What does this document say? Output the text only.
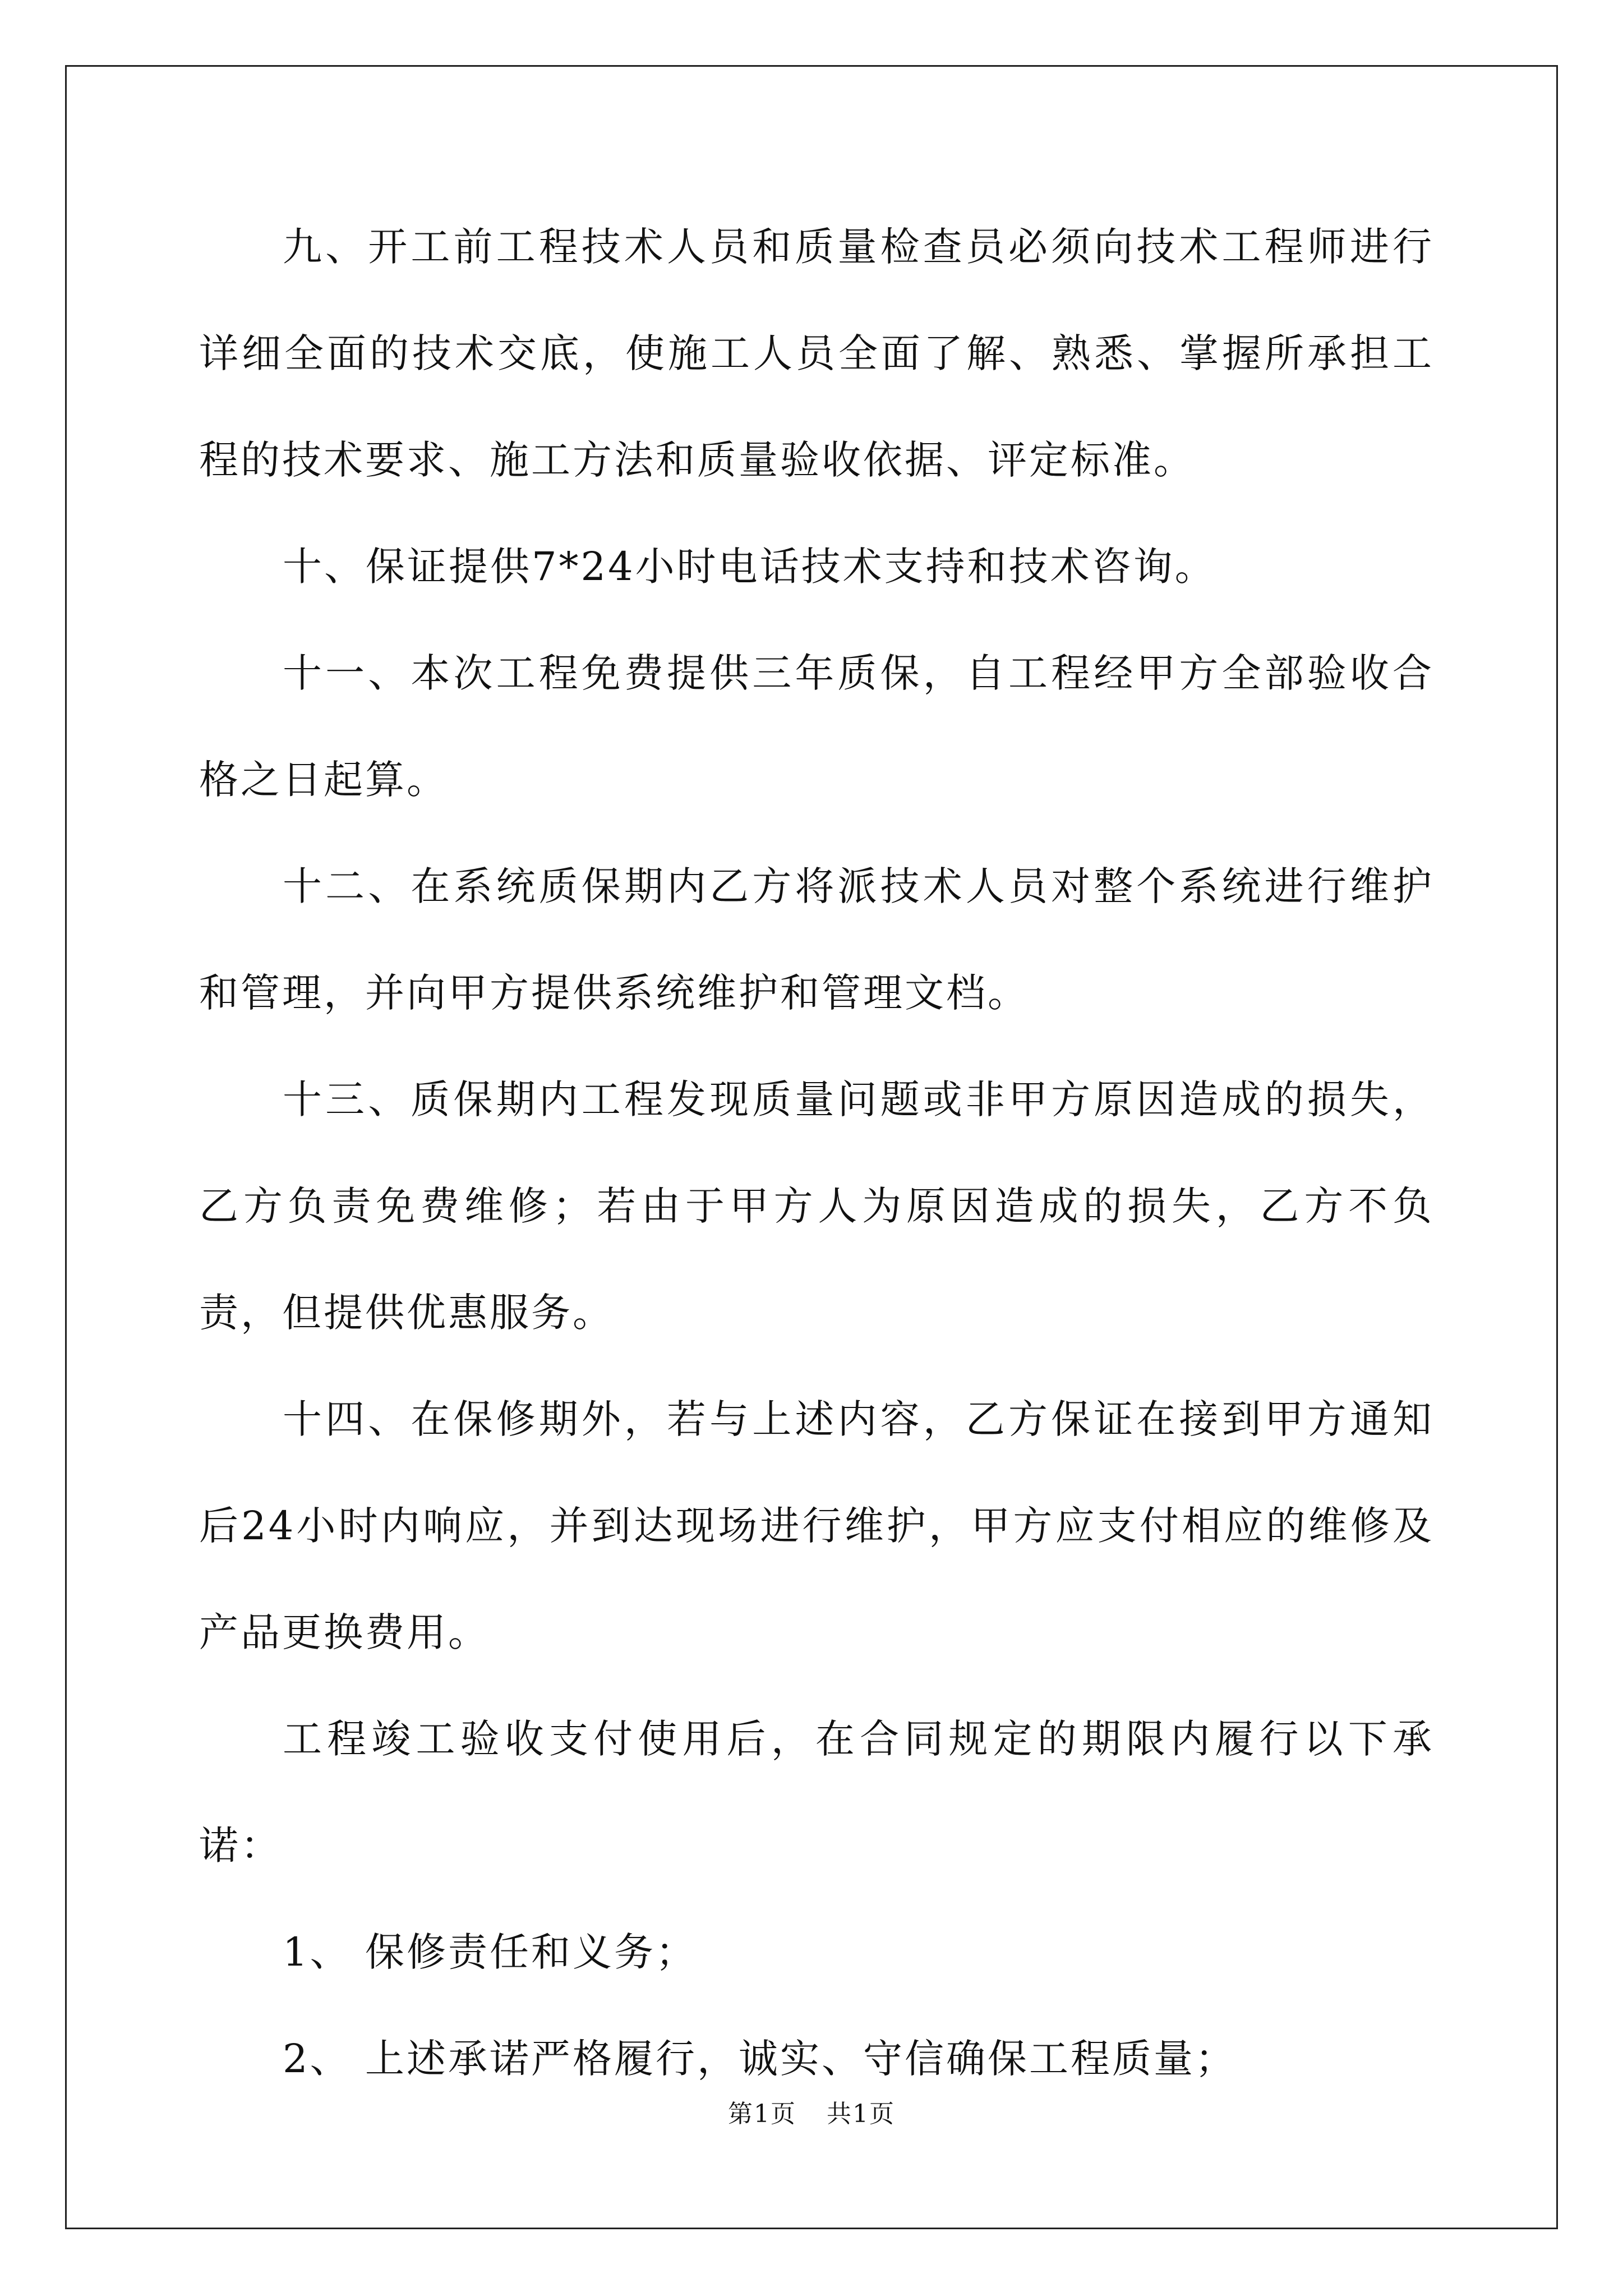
九、开工前工程技术人员和质量检查员必须向技术工程师进行详细全面的技术交底，使施工人员全面了解、熟悉、掌握所承担工程的技术要求、施工方法和质量验收依据、评定标准。

十、保证提供7*24小时电话技术支持和技术咨询。

十一、本次工程免费提供三年质保，自工程经甲方全部验收合格之日起算。

十二、在系统质保期内乙方将派技术人员对整个系统进行维护和管理，并向甲方提供系统维护和管理文档。

十三、质保期内工程发现质量问题或非甲方原因造成的损失，乙方负责免费维修；若由于甲方人为原因造成的损失，乙方不负责，但提供优惠服务。

十四、在保修期外，若与上述内容，乙方保证在接到甲方通知后24小时内响应，并到达现场进行维护，甲方应支付相应的维修及产品更换费用。

工程竣工验收支付使用后，在合同规定的期限内履行以下承诺：

1、 保修责任和义务；
2、 上述承诺严格履行，诚实、守信确保工程质量；
第1页 共1页
